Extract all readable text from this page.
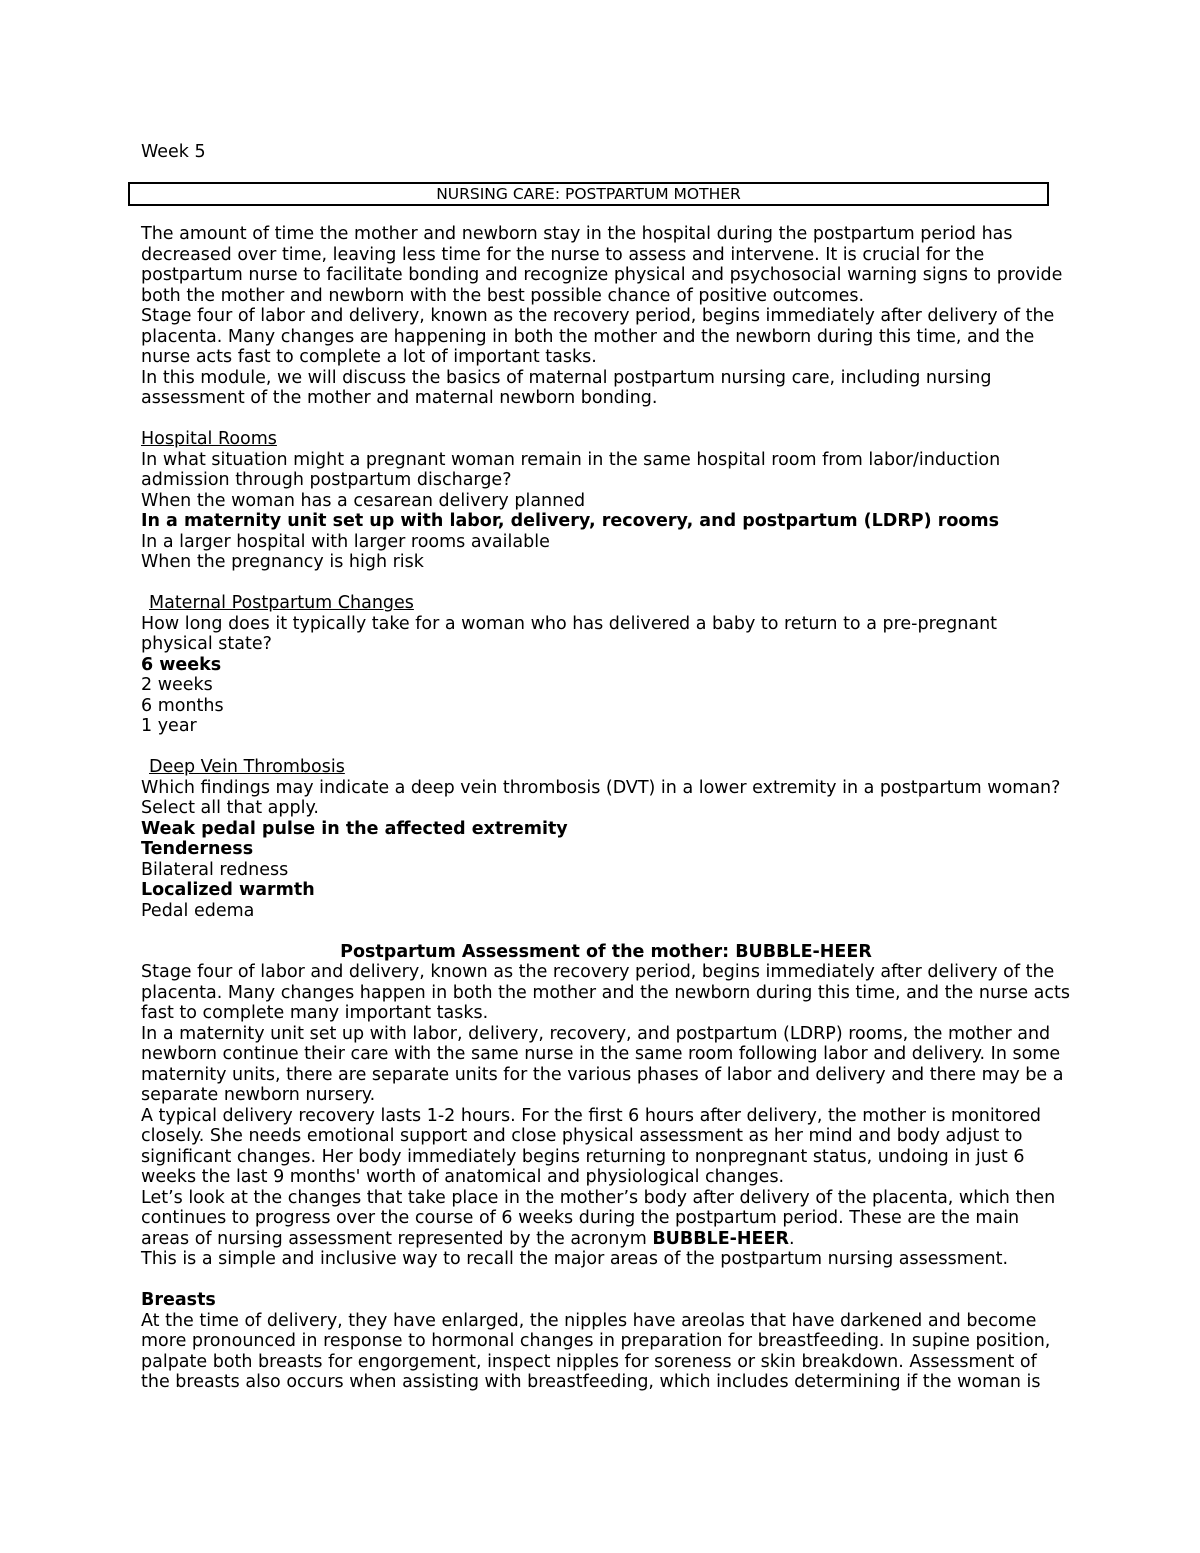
Week 5
NURSING CARE: POSTPARTUM MOTHER

The amount of time the mother and newborn stay in the hospital during the postpartum period has decreased over time, leaving less time for the nurse to assess and intervene. It is crucial for the postpartum nurse to facilitate bonding and recognize physical and psychosocial warning signs to provide both the mother and newborn with the best possible chance of positive outcomes.

Stage four of labor and delivery, known as the recovery period, begins immediately after delivery of the placenta. Many changes are happening in both the mother and the newborn during this time, and the nurse acts fast to complete a lot of important tasks.

In this module, we will discuss the basics of maternal postpartum nursing care, including nursing assessment of the mother and maternal newborn bonding.

Hospital Rooms

In what situation might a pregnant woman remain in the same hospital room from labor/induction admission through postpartum discharge?

When the woman has a cesarean delivery planned

In a maternity unit set up with labor, delivery, recovery, and postpartum (LDRP) rooms

In a larger hospital with larger rooms available

When the pregnancy is high risk

Maternal Postpartum Changes

How long does it typically take for a woman who has delivered a baby to return to a pre-pregnant physical state?

6 weeks

2 weeks

6 months

1 year

Deep Vein Thrombosis

Which findings may indicate a deep vein thrombosis (DVT) in a lower extremity in a postpartum woman? Select all that apply.

Weak pedal pulse in the affected extremity

Tenderness

Bilateral redness

Localized warmth

Pedal edema

Postpartum Assessment of the mother: BUBBLE-HEER

Stage four of labor and delivery, known as the recovery period, begins immediately after delivery of the placenta. Many changes happen in both the mother and the newborn during this time, and the nurse acts fast to complete many important tasks.

In a maternity unit set up with labor, delivery, recovery, and postpartum (LDRP) rooms, the mother and newborn continue their care with the same nurse in the same room following labor and delivery. In some maternity units, there are separate units for the various phases of labor and delivery and there may be a separate newborn nursery.

A typical delivery recovery lasts 1-2 hours. For the first 6 hours after delivery, the mother is monitored closely. She needs emotional support and close physical assessment as her mind and body adjust to significant changes. Her body immediately begins returning to nonpregnant status, undoing in just 6 weeks the last 9 months' worth of anatomical and physiological changes.

Let’s look at the changes that take place in the mother’s body after delivery of the placenta, which then continues to progress over the course of 6 weeks during the postpartum period. These are the main areas of nursing assessment represented by the acronym BUBBLE-HEER.

This is a simple and inclusive way to recall the major areas of the postpartum nursing assessment.

Breasts

At the time of delivery, they have enlarged, the nipples have areolas that have darkened and become more pronounced in response to hormonal changes in preparation for breastfeeding. In supine position, palpate both breasts for engorgement, inspect nipples for soreness or skin breakdown. Assessment of the breasts also occurs when assisting with breastfeeding, which includes determining if the woman is
